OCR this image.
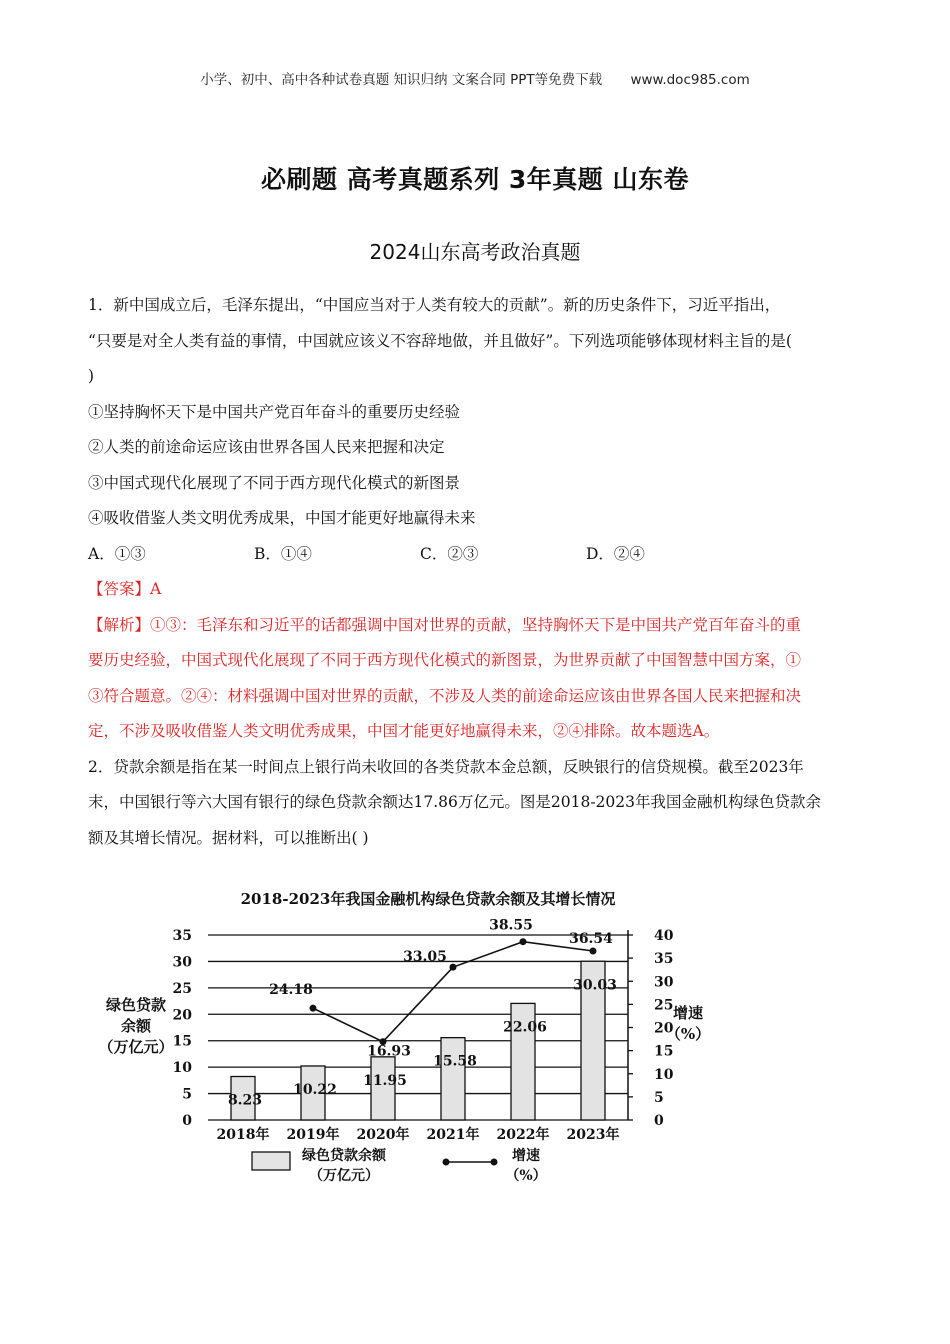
小学、初中、高中各种试卷真题 知识归纳 文案合同 PPT等免费下载 www.doc985.com
必刷题 高考真题系列 3年真题 山东卷
2024山东高考政治真题

1．新中国成立后，毛泽东提出，“中国应当对于人类有较大的贡献”。新的历史条件下，习近平指出，

“只要是对全人类有益的事情，中国就应该义不容辞地做，并且做好”。下列选项能够体现材料主旨的是(

)

①坚持胸怀天下是中国共产党百年奋斗的重要历史经验

②人类的前途命运应该由世界各国人民来把握和决定

③中国式现代化展现了不同于西方现代化模式的新图景

④吸收借鉴人类文明优秀成果，中国才能更好地赢得未来

A．①③	B．①④	C．②③	D．②④

【答案】A

【解析】①③：毛泽东和习近平的话都强调中国对世界的贡献，坚持胸怀天下是中国共产党百年奋斗的重

要历史经验，中国式现代化展现了不同于西方现代化模式的新图景，为世界贡献了中国智慧中国方案，①

③符合题意。②④：材料强调中国对世界的贡献，不涉及人类的前途命运应该由世界各国人民来把握和决

定，不涉及吸收借鉴人类文明优秀成果，中国才能更好地赢得未来，②④排除。故本题选A。

2．贷款余额是指在某一时间点上银行尚未收回的各类贷款本金总额，反映银行的信贷规模。截至2023年

末，中国银行等六大国有银行的绿色贷款余额达17.86万亿元。图是2018-2023年我国金融机构绿色贷款余

额及其增长情况。据材料，可以推断出( )

2018-2023年我国金融机构绿色贷款余额及其增长情况
0
5
10
15
20
25
30
35
0
5
10
15
20
25
30
35
40
8.23
10.22
11.95
15.58
22.06
30.03
24.18
16.93
33.05
38.55
36.54
2018年 2019年 2020年 2021年 2022年 2023年
绿色贷款
余额
（万亿元）
增速
（%）
绿色贷款余额
（万亿元）
增速
（%）
